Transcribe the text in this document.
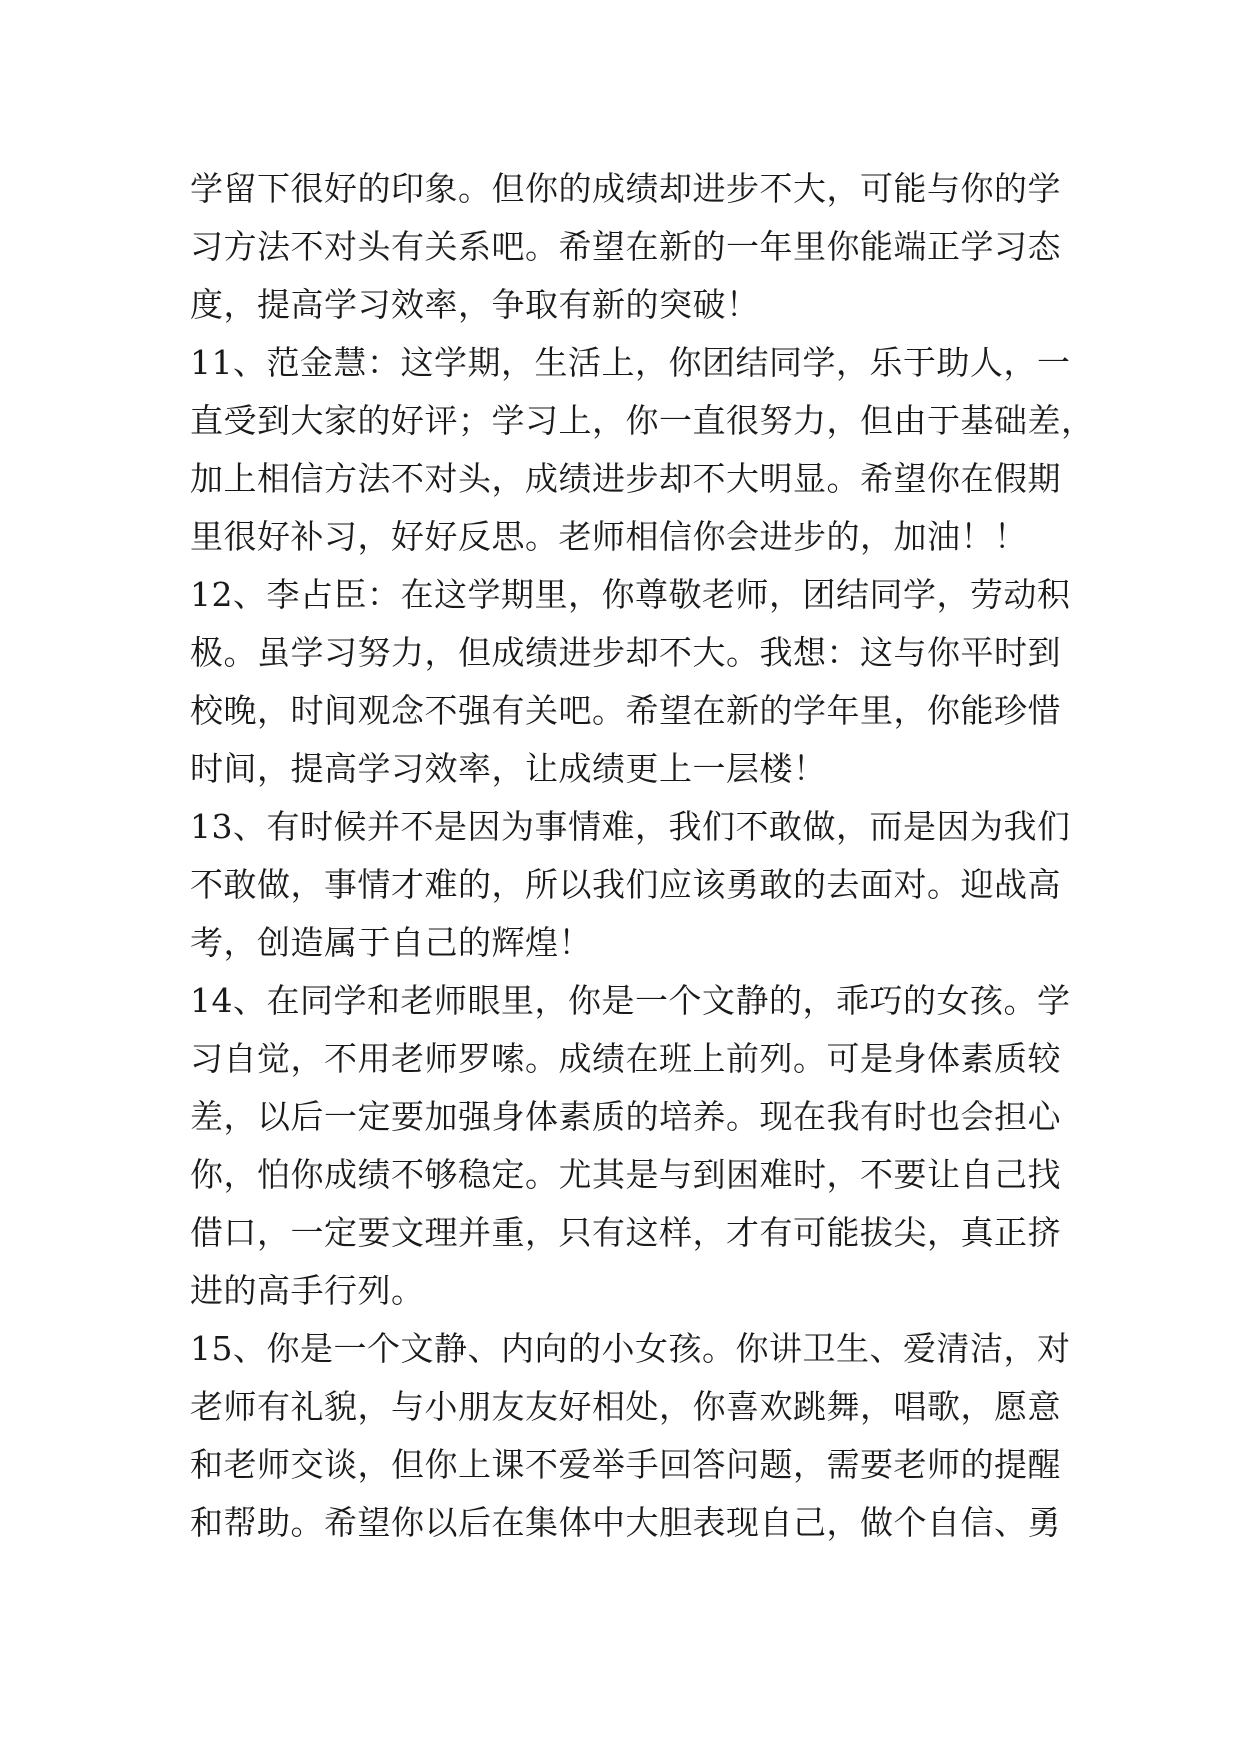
学留下很好的印象。但你的成绩却进步不大，可能与你的学
习方法不对头有关系吧。希望在新的一年里你能端正学习态
度，提高学习效率，争取有新的突破！
11、范金慧：这学期，生活上，你团结同学，乐于助人，一
直受到大家的好评；学习上，你一直很努力，但由于基础差，
加上相信方法不对头，成绩进步却不大明显。希望你在假期
里很好补习，好好反思。老师相信你会进步的，加油！！
12、李占臣：在这学期里，你尊敬老师，团结同学，劳动积
极。虽学习努力，但成绩进步却不大。我想：这与你平时到
校晚，时间观念不强有关吧。希望在新的学年里，你能珍惜
时间，提高学习效率，让成绩更上一层楼！
13、有时候并不是因为事情难，我们不敢做，而是因为我们
不敢做，事情才难的，所以我们应该勇敢的去面对。迎战高
考，创造属于自己的辉煌！
14、在同学和老师眼里，你是一个文静的，乖巧的女孩。学
习自觉，不用老师罗嗦。成绩在班上前列。可是身体素质较
差，以后一定要加强身体素质的培养。现在我有时也会担心
你，怕你成绩不够稳定。尤其是与到困难时，不要让自己找
借口，一定要文理并重，只有这样，才有可能拔尖，真正挤
进的高手行列。
15、你是一个文静、内向的小女孩。你讲卫生、爱清洁，对
老师有礼貌，与小朋友友好相处，你喜欢跳舞，唱歌，愿意
和老师交谈，但你上课不爱举手回答问题，需要老师的提醒
和帮助。希望你以后在集体中大胆表现自己，做个自信、勇
